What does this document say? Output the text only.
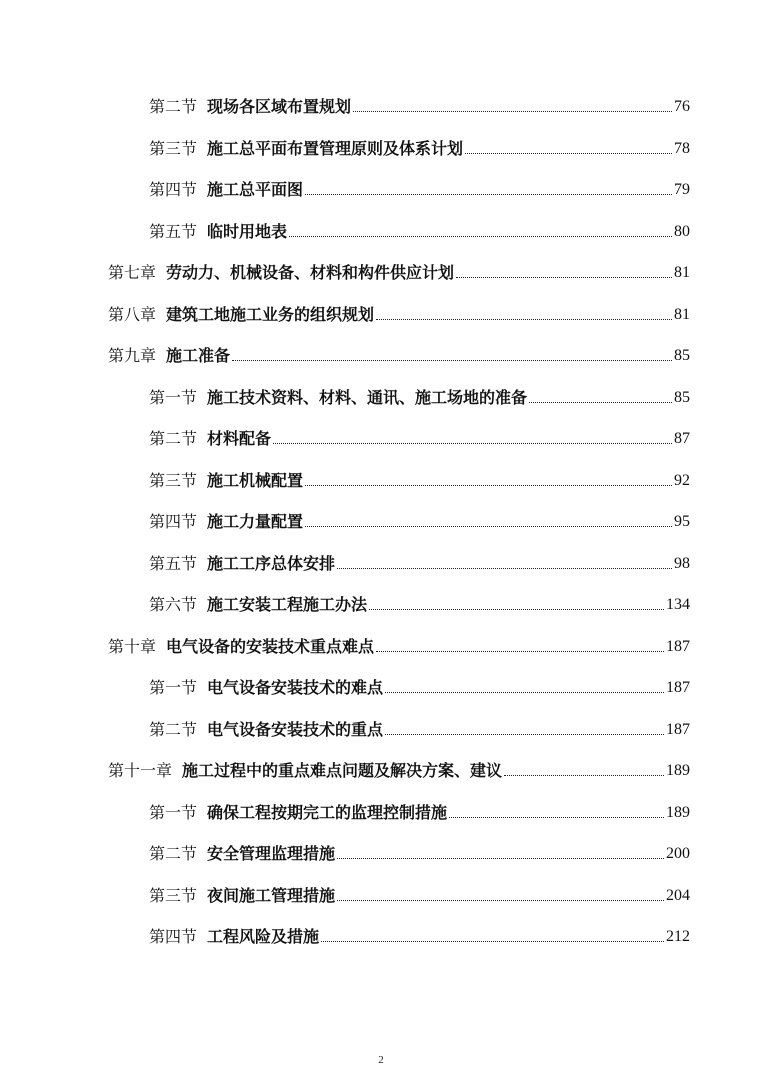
第二节 现场各区域布置规划	76
第三节 施工总平面布置管理原则及体系计划	78
第四节 施工总平面图	79
第五节 临时用地表	80
第七章 劳动力、机械设备、材料和构件供应计划	81
第八章 建筑工地施工业务的组织规划	81
第九章 施工准备	85
第一节 施工技术资料、材料、通讯、施工场地的准备	85
第二节 材料配备	87
第三节 施工机械配置	92
第四节 施工力量配置	95
第五节 施工工序总体安排	98
第六节 施工安装工程施工办法	134
第十章 电气设备的安装技术重点难点	187
第一节 电气设备安装技术的难点	187
第二节 电气设备安装技术的重点	187
第十一章 施工过程中的重点难点问题及解决方案、建议	189
第一节 确保工程按期完工的监理控制措施	189
第二节 安全管理监理措施	200
第三节 夜间施工管理措施	204
第四节 工程风险及措施	212
2
